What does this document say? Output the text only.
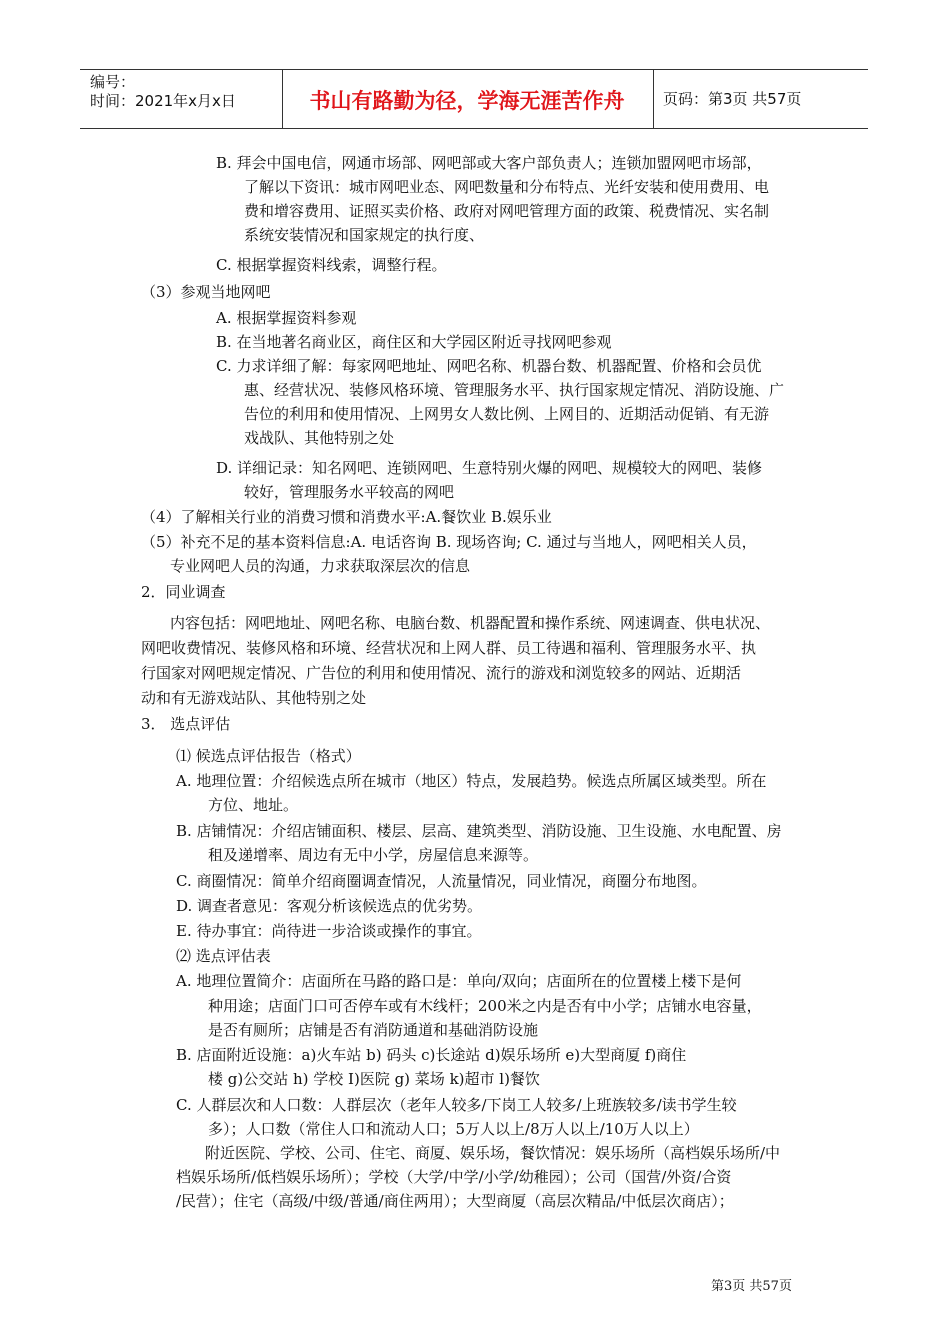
编号：
时间：2021年x月x日	书山有路勤为径，学海无涯苦作舟	页码：第3页 共57页
B. 拜会中国电信，网通市场部、网吧部或大客户部负责人；连锁加盟网吧市场部，
了解以下资讯：城市网吧业态、网吧数量和分布特点、光纤安装和使用费用、电
费和增容费用、证照买卖价格、政府对网吧管理方面的政策、税费情况、实名制
系统安装情况和国家规定的执行度、
C. 根据掌握资料线索，调整行程。
（3）参观当地网吧
A. 根据掌握资料参观
B. 在当地著名商业区，商住区和大学园区附近寻找网吧参观
C. 力求详细了解：每家网吧地址、网吧名称、机器台数、机器配置、价格和会员优
惠、经营状况、装修风格环境、管理服务水平、执行国家规定情况、消防设施、广
告位的利用和使用情况、上网男女人数比例、上网目的、近期活动促销、有无游
戏战队、其他特别之处
D. 详细记录：知名网吧、连锁网吧、生意特别火爆的网吧、规模较大的网吧、装修
较好，管理服务水平较高的网吧
（4）了解相关行业的消费习惯和消费水平:A.餐饮业 B.娱乐业
（5）补充不足的基本资料信息:A. 电话咨询 B. 现场咨询; C. 通过与当地人，网吧相关人员，
专业网吧人员的沟通，力求获取深层次的信息
2．同业调查
内容包括：网吧地址、网吧名称、电脑台数、机器配置和操作系统、网速调查、供电状况、
网吧收费情况、装修风格和环境、经营状况和上网人群、员工待遇和福利、管理服务水平、执
行国家对网吧规定情况、广告位的利用和使用情况、流行的游戏和浏览较多的网站、近期活
动和有无游戏站队、其他特别之处
3． 选点评估
⑴ 候选点评估报告（格式）
A. 地理位置：介绍候选点所在城市（地区）特点，发展趋势。候选点所属区域类型。所在
方位、地址。
B. 店铺情况：介绍店铺面积、楼层、层高、建筑类型、消防设施、卫生设施、水电配置、房
租及递增率、周边有无中小学，房屋信息来源等。
C. 商圈情况：简单介绍商圈调查情况，人流量情况，同业情况，商圈分布地图。
D. 调查者意见：客观分析该候选点的优劣势。
E. 待办事宜：尚待进一步洽谈或操作的事宜。
⑵ 选点评估表
A. 地理位置简介：店面所在马路的路口是：单向/双向；店面所在的位置楼上楼下是何
种用途；店面门口可否停车或有木线杆；200米之内是否有中小学；店铺水电容量，
是否有厕所；店铺是否有消防通道和基础消防设施
B. 店面附近设施：a)火车站 b) 码头 c)长途站 d)娱乐场所 e)大型商厦 f)商住
楼 g)公交站 h) 学校 I)医院 g) 菜场 k)超市 l)餐饮
C. 人群层次和人口数：人群层次（老年人较多/下岗工人较多/上班族较多/读书学生较
多）；人口数（常住人口和流动人口；5万人以上/8万人以上/10万人以上）
附近医院、学校、公司、住宅、商厦、娱乐场，餐饮情况：娱乐场所（高档娱乐场所/中
档娱乐场所/低档娱乐场所）；学校（大学/中学/小学/幼稚园）；公司（国营/外资/合资
/民营）；住宅（高级/中级/普通/商住两用）；大型商厦（高层次精品/中低层次商店）；
第3页 共57页
